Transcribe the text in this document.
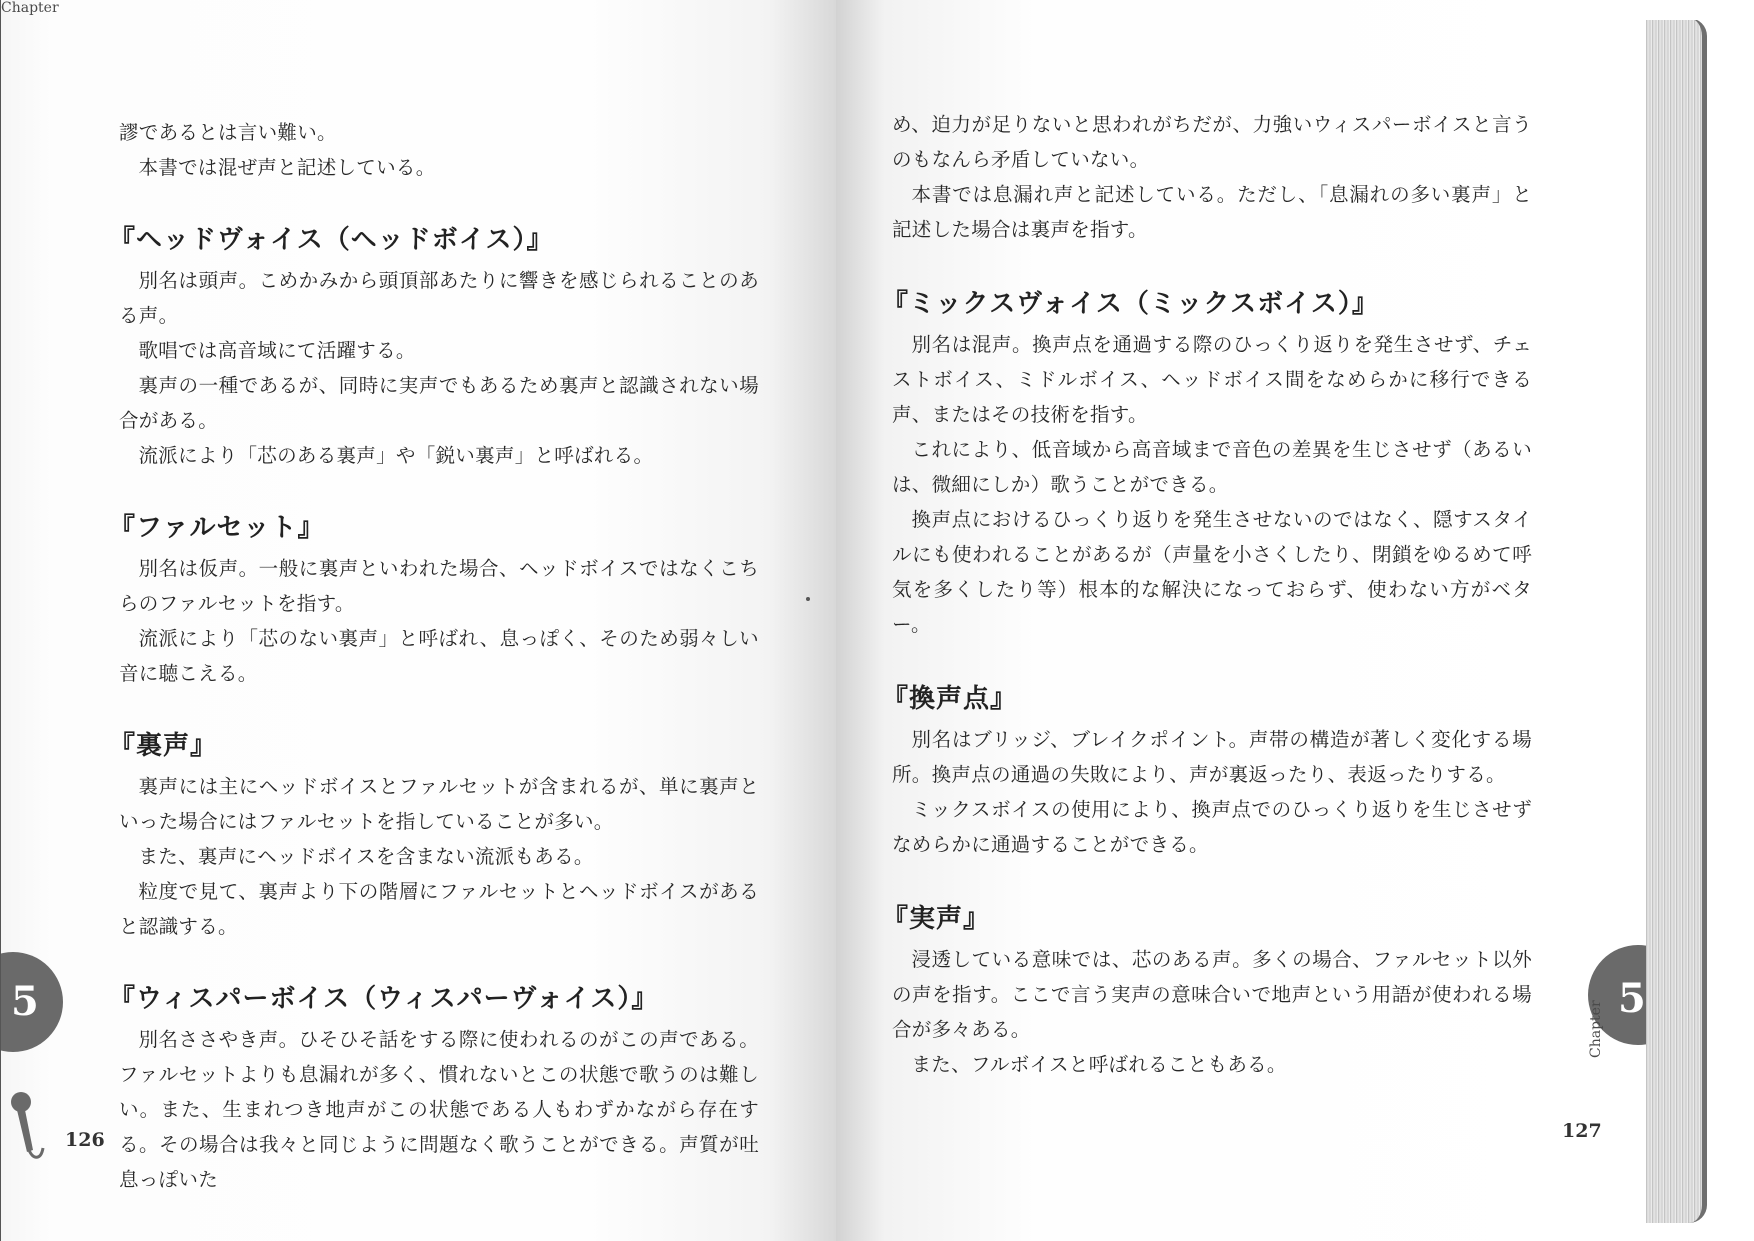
謬であるとは言い難い。
本書では混ぜ声と記述している。
『ヘッドヴォイス（ヘッドボイス）』
別名は頭声。こめかみから頭頂部あたりに響きを感じられることのある声。
歌唱では高音域にて活躍する。
裏声の一種であるが、同時に実声でもあるため裏声と認識されない場合がある。
流派により「芯のある裏声」や「鋭い裏声」と呼ばれる。
『ファルセット』
別名は仮声。一般に裏声といわれた場合、ヘッドボイスではなくこちらのファルセットを指す。
流派により「芯のない裏声」と呼ばれ、息っぽく、そのため弱々しい音に聴こえる。
『裏声』
裏声には主にヘッドボイスとファルセットが含まれるが、単に裏声といった場合にはファルセットを指していることが多い。
また、裏声にヘッドボイスを含まない流派もある。
粒度で見て、裏声より下の階層にファルセットとヘッドボイスがあると認識する。
『ウィスパーボイス（ウィスパーヴォイス）』
別名ささやき声。ひそひそ話をする際に使われるのがこの声である。ファルセットよりも息漏れが多く、慣れないとこの状態で歌うのは難しい。また、生まれつき地声がこの状態である人もわずかながら存在する。その場合は我々と同じように問題なく歌うことができる。声質が吐息っぽいた
5
Chapter
126
め、迫力が足りないと思われがちだが、力強いウィスパーボイスと言うのもなんら矛盾していない。
本書では息漏れ声と記述している。ただし、「息漏れの多い裏声」と記述した場合は裏声を指す。
『ミックスヴォイス（ミックスボイス）』
別名は混声。換声点を通過する際のひっくり返りを発生させず、チェストボイス、ミドルボイス、ヘッドボイス間をなめらかに移行できる声、またはその技術を指す。
これにより、低音域から高音域まで音色の差異を生じさせず（あるいは、微細にしか）歌うことができる。
換声点におけるひっくり返りを発生させないのではなく、隠すスタイルにも使われることがあるが（声量を小さくしたり、閉鎖をゆるめて呼気を多くしたり等）根本的な解決になっておらず、使わない方がベター。
『換声点』
別名はブリッジ、ブレイクポイント。声帯の構造が著しく変化する場所。換声点の通過の失敗により、声が裏返ったり、表返ったりする。
ミックスボイスの使用により、換声点でのひっくり返りを生じさせずなめらかに通過することができる。
『実声』
浸透している意味では、芯のある声。多くの場合、ファルセット以外の声を指す。ここで言う実声の意味合いで地声という用語が使われる場合が多々ある。
また、フルボイスと呼ばれることもある。
5
127
Chapter
